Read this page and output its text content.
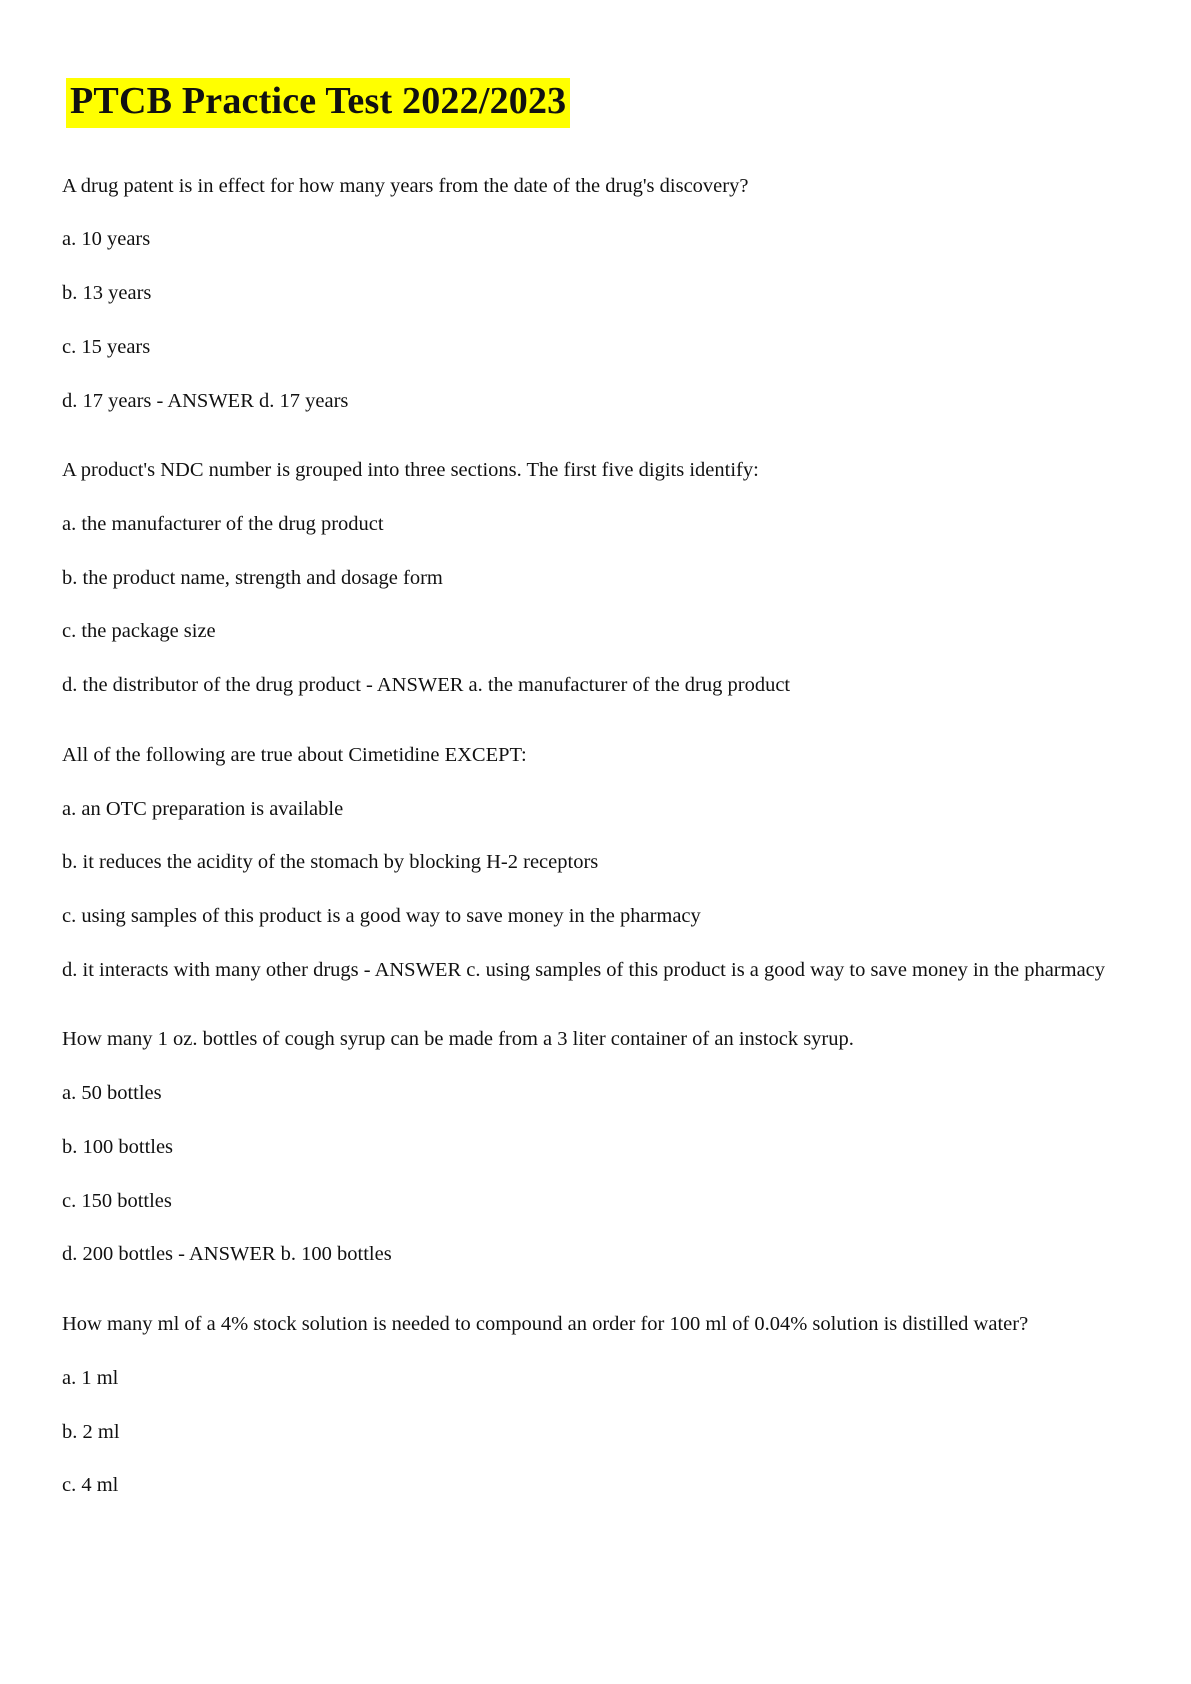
PTCB Practice Test 2022/2023

A drug patent is in effect for how many years from the date of the drug's discovery?

a. 10 years

b. 13 years

c. 15 years

d. 17 years - ANSWER d. 17 years

A product's NDC number is grouped into three sections. The first five digits identify:

a. the manufacturer of the drug product

b. the product name, strength and dosage form

c. the package size

d. the distributor of the drug product - ANSWER a. the manufacturer of the drug product

All of the following are true about Cimetidine EXCEPT:

a. an OTC preparation is available

b. it reduces the acidity of the stomach by blocking H-2 receptors

c. using samples of this product is a good way to save money in the pharmacy

d. it interacts with many other drugs - ANSWER c. using samples of this product is a good way to save money in the pharmacy

How many 1 oz. bottles of cough syrup can be made from a 3 liter container of an instock syrup.

a. 50 bottles

b. 100 bottles

c. 150 bottles

d. 200 bottles - ANSWER b. 100 bottles

How many ml of a 4% stock solution is needed to compound an order for 100 ml of 0.04% solution is distilled water?

a. 1 ml

b. 2 ml

c. 4 ml
